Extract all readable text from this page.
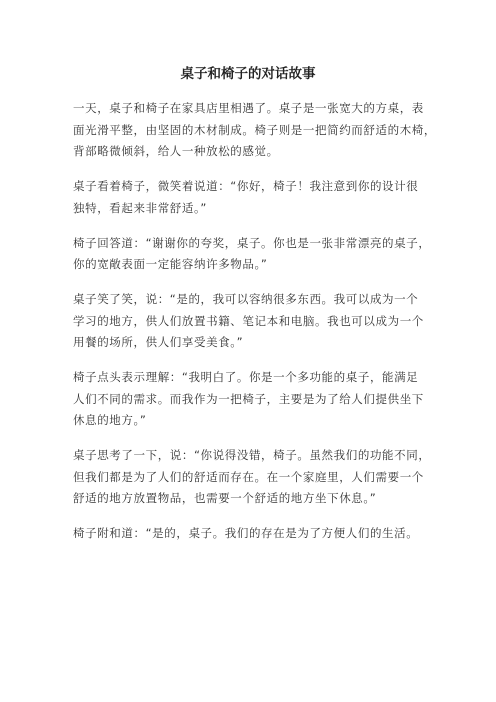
桌子和椅子的对话故事

一天，桌子和椅子在家具店里相遇了。桌子是一张宽大的方桌，表
面光滑平整，由坚固的木材制成。椅子则是一把简约而舒适的木椅，
背部略微倾斜，给人一种放松的感觉。

桌子看着椅子，微笑着说道：“你好，椅子！我注意到你的设计很
独特，看起来非常舒适。”

椅子回答道：“谢谢你的夸奖，桌子。你也是一张非常漂亮的桌子，
你的宽敞表面一定能容纳许多物品。”

桌子笑了笑，说：“是的，我可以容纳很多东西。我可以成为一个
学习的地方，供人们放置书籍、笔记本和电脑。我也可以成为一个
用餐的场所，供人们享受美食。”

椅子点头表示理解：“我明白了。你是一个多功能的桌子，能满足
人们不同的需求。而我作为一把椅子，主要是为了给人们提供坐下
休息的地方。”

桌子思考了一下，说：“你说得没错，椅子。虽然我们的功能不同，
但我们都是为了人们的舒适而存在。在一个家庭里，人们需要一个
舒适的地方放置物品，也需要一个舒适的地方坐下休息。”

椅子附和道：“是的，桌子。我们的存在是为了方便人们的生活。
